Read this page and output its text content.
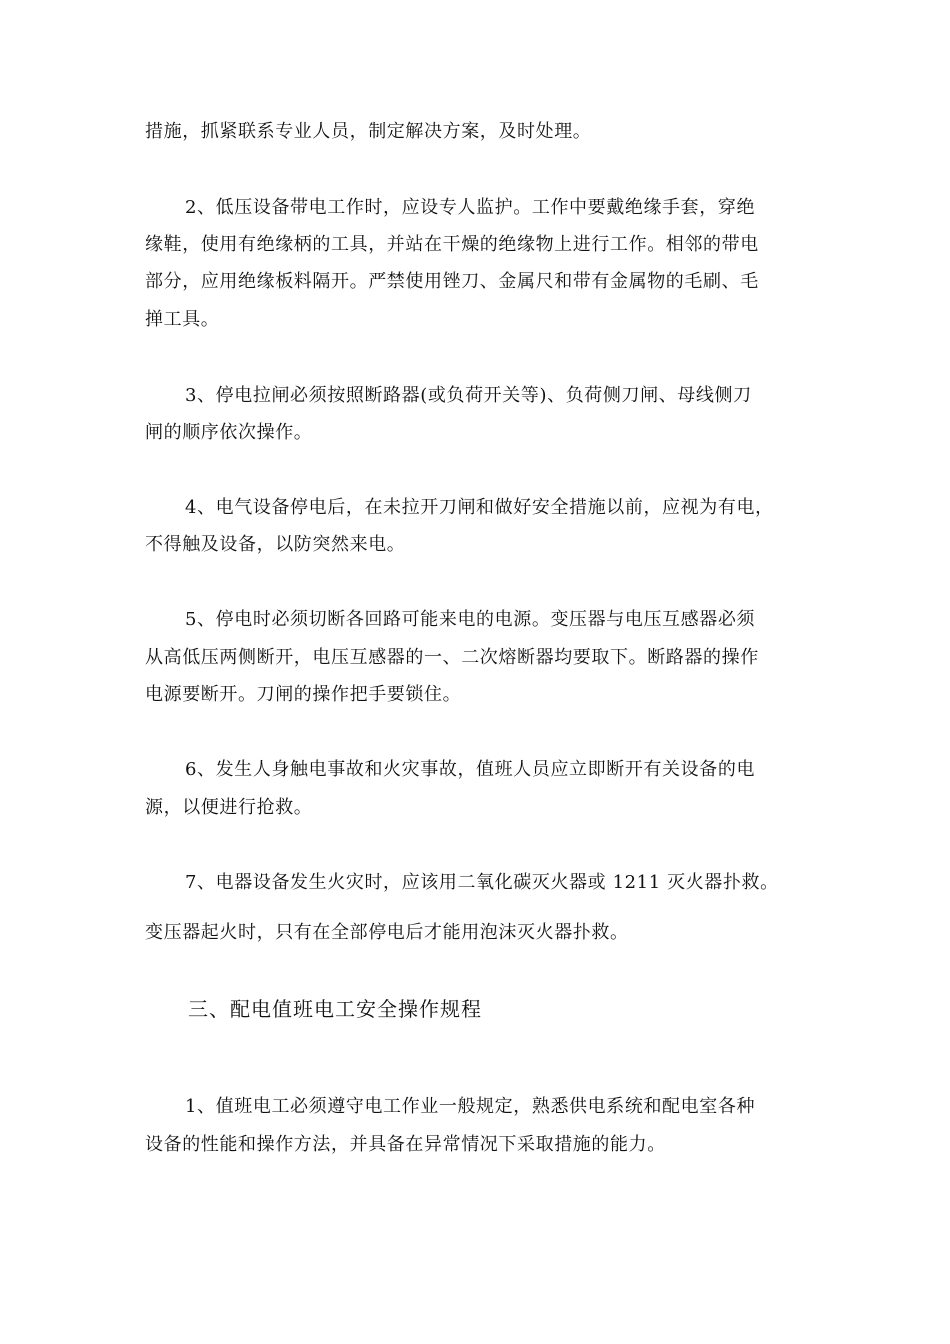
措施，抓紧联系专业人员，制定解决方案，及时处理。
2、低压设备带电工作时，应设专人监护。工作中要戴绝缘手套，穿绝
缘鞋，使用有绝缘柄的工具，并站在干燥的绝缘物上进行工作。相邻的带电
部分，应用绝缘板料隔开。严禁使用锉刀、金属尺和带有金属物的毛刷、毛
掸工具。
3、停电拉闸必须按照断路器(或负荷开关等)、负荷侧刀闸、母线侧刀
闸的顺序依次操作。
4、电气设备停电后，在未拉开刀闸和做好安全措施以前，应视为有电，
不得触及设备，以防突然来电。
5、停电时必须切断各回路可能来电的电源。变压器与电压互感器必须
从高低压两侧断开，电压互感器的一、二次熔断器均要取下。断路器的操作
电源要断开。刀闸的操作把手要锁住。
6、发生人身触电事故和火灾事故，值班人员应立即断开有关设备的电
源，以便进行抢救。
7、电器设备发生火灾时，应该用二氧化碳灭火器或 1211 灭火器扑救。
变压器起火时，只有在全部停电后才能用泡沫灭火器扑救。
三、配电值班电工安全操作规程
1、值班电工必须遵守电工作业一般规定，熟悉供电系统和配电室各种
设备的性能和操作方法，并具备在异常情况下采取措施的能力。
